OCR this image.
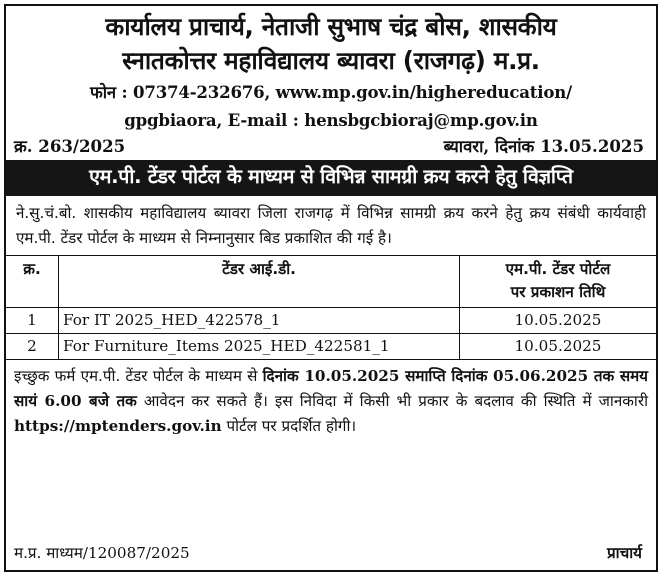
कार्यालय प्राचार्य, नेताजी सुभाष चंद्र बोस, शासकीय
स्नातकोत्तर महाविद्यालय ब्यावरा (राजगढ़) म.प्र.
फोन : 07374-232676, www.mp.gov.in/highereducation/
gpgbiaora, E-mail : hensbgcbioraj@mp.gov.in
क्र. 263/2025	ब्यावरा, दिनांक 13.05.2025
एम.पी. टेंडर पोर्टल के माध्यम से विभिन्न सामग्री क्रय करने हेतु विज्ञप्ति
ने.सु.चं.बो. शासकीय महाविद्यालय ब्यावरा जिला राजगढ़ में विभिन्न सामग्री क्रय करने हेतु क्रय संबंधी कार्यवाही एम.पी. टेंडर पोर्टल के माध्यम से निम्नानुसार बिड प्रकाशित की गई है।
क्र.	टेंडर आई.डी.	एम.पी. टेंडर पोर्टल
पर प्रकाशन तिथि

1	For IT 2025_HED_422578_1	10.05.2025
2	For Furniture_Items 2025_HED_422581_1	10.05.2025
इच्छुक फर्म एम.पी. टेंडर पोर्टल के माध्यम से दिनांक 10.05.2025 समाप्ति दिनांक 05.06.2025 तक समय सायं 6.00 बजे तक आवेदन कर सकते हैं। इस निविदा में किसी भी प्रकार के बदलाव की स्थिति में जानकारी https://mptenders.gov.in पोर्टल पर प्रदर्शित होगी।
म.प्र. माध्यम/120087/2025	प्राचार्य
